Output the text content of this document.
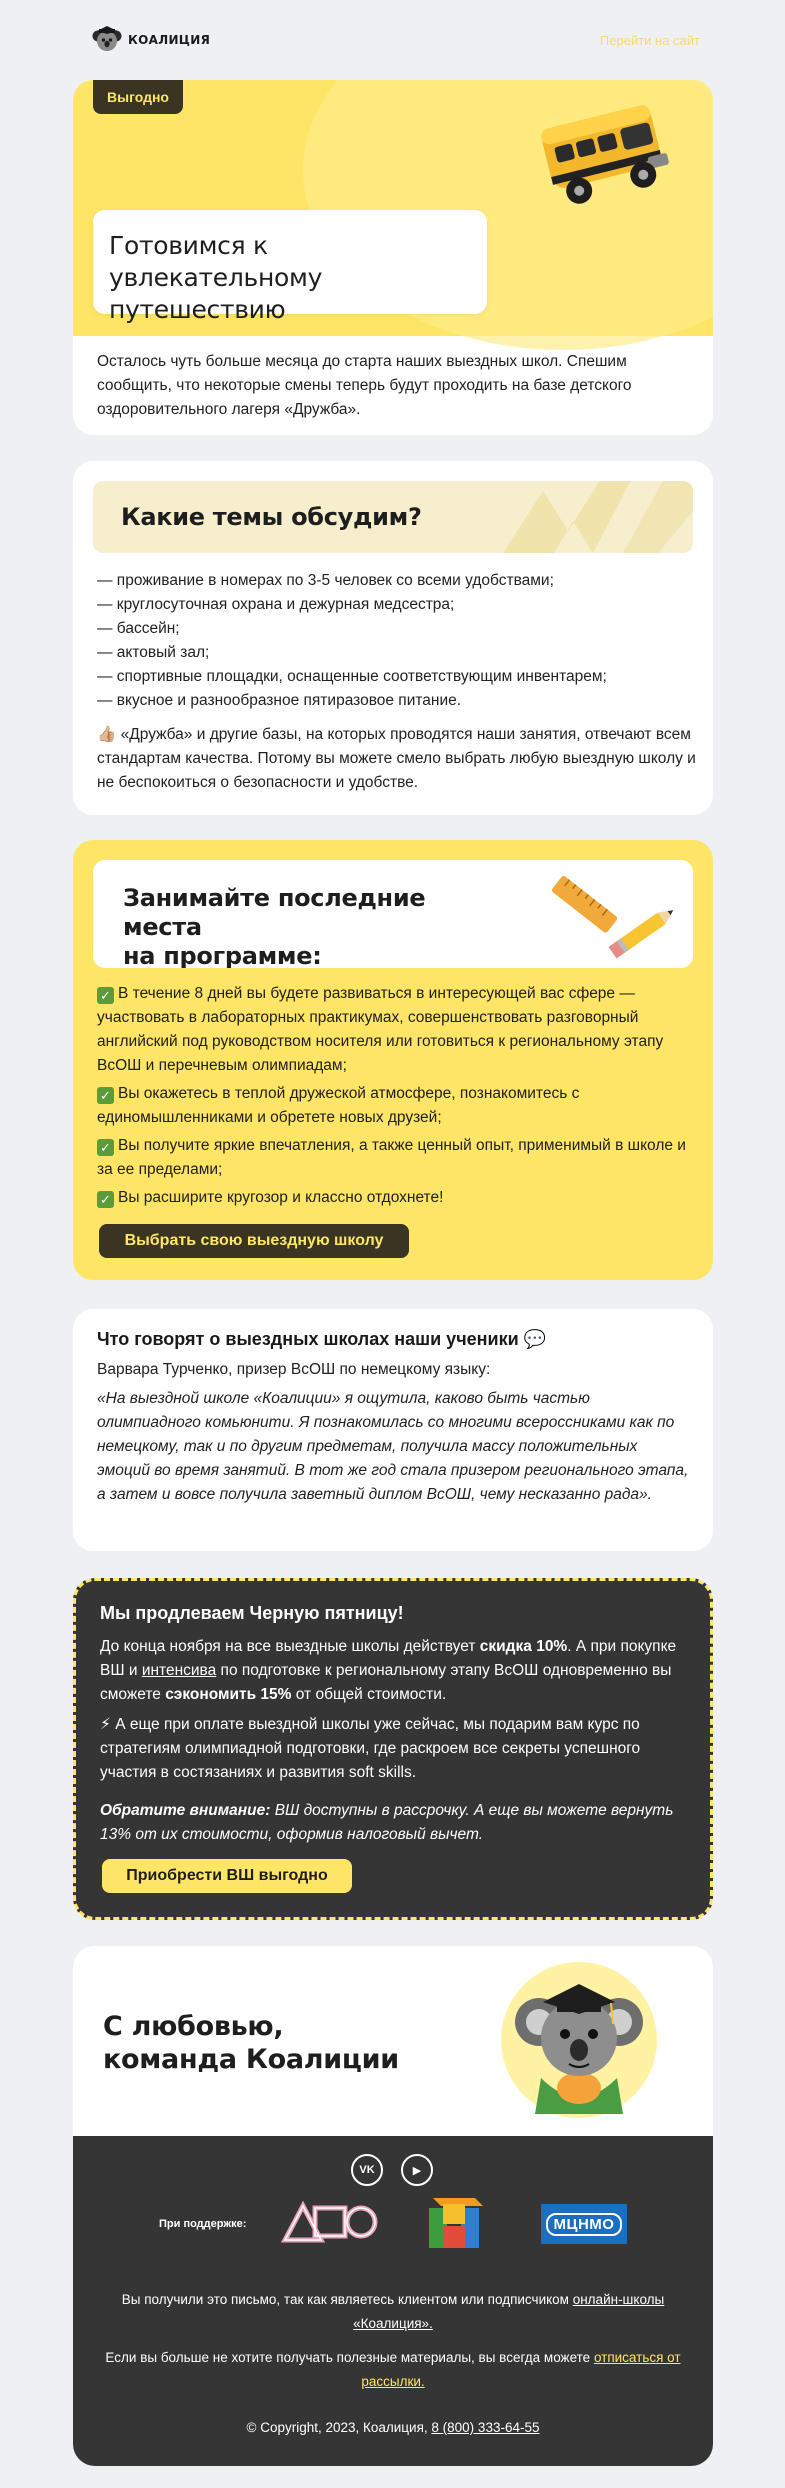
КОАЛИЦИЯ	Перейти на сайт
Выгодно
Готовимся к увлекательному путешествию

Осталось чуть больше месяца до старта наших выездных школ. Спешим сообщить, что некоторые смены теперь будут проходить на базе детского оздоровительного лагеря «Дружба».

Какие темы обсудим?
— проживание в номерах по 3-5 человек со всеми удобствами;
— круглосуточная охрана и дежурная медсестра;
— бассейн;
— актовый зал;
— спортивные площадки, оснащенные соответствующим инвентарем;
— вкусное и разнообразное пятиразовое питание.

👍🏼 «Дружба» и другие базы, на которых проводятся наши занятия, отвечают всем стандартам качества. Потому вы можете смело выбрать любую выездную школу и не беспокоиться о безопасности и удобстве.

Занимайте последние места
на программе:

✓ В течение 8 дней вы будете развиваться в интересующей вас сфере — участвовать в лабораторных практикумах, совершенствовать разговорный английский под руководством носителя или готовиться к региональному этапу ВсОШ и перечневым олимпиадам;

✓ Вы окажетесь в теплой дружеской атмосфере, познакомитесь с единомышленниками и обретете новых друзей;

✓ Вы получите яркие впечатления, а также ценный опыт, применимый в школе и за ее пределами;

✓ Вы расширите кругозор и классно отдохнете!

Выбрать свою выездную школу
Что говорят о выездных школах наши ученики 💬

Варвара Турченко, призер ВсОШ по немецкому языку:

«На выездной школе «Коалиции» я ощутила, каково быть частью олимпиадного комьюнити. Я познакомилась со многими всероссниками как по немецкому, так и по другим предметам, получила массу положительных эмоций во время занятий. В тот же год стала призером регионального этапа, а затем и вовсе получила заветный диплом ВсОШ, чему несказанно рада».

Мы продлеваем Черную пятницу!

До конца ноября на все выездные школы действует скидка 10%. А при покупке ВШ и интенсива по подготовке к региональному этапу ВсОШ одновременно вы сможете сэкономить 15% от общей стоимости.

⚡ А еще при оплате выездной школы уже сейчас, мы подарим вам курс по стратегиям олимпиадной подготовки, где раскроем все секреты успешного участия в состязаниях и развития soft skills.

Обратите внимание: ВШ доступны в рассрочку. А еще вы можете вернуть 13% от их стоимости, оформив налоговый вычет.

Приобрести ВШ выгодно
С любовью,
команда Коалиции
VK	▶
При поддержке:	МЦНМО

Вы получили это письмо, так как являетесь клиентом или подписчиком онлайн-школы «Коалиция».

Если вы больше не хотите получать полезные материалы, вы всегда можете отписаться от рассылки.

© Copyright, 2023, Коалиция, 8 (800) 333-64-55
